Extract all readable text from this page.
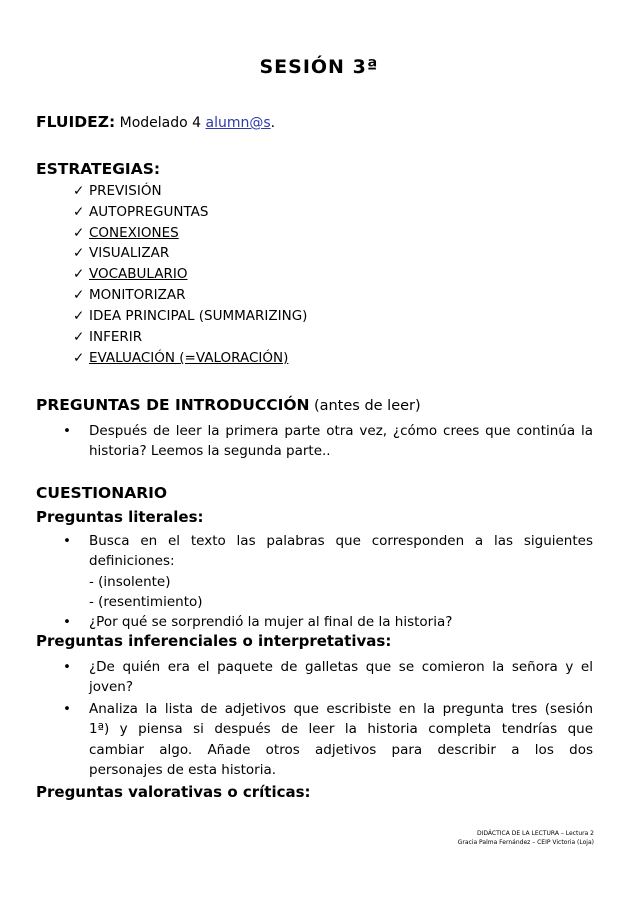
SESIÓN 3ª
FLUIDEZ: Modelado 4 alumn@s.
ESTRATEGIAS:
✓ PREVISIÓN
✓ AUTOPREGUNTAS
✓ CONEXIONES
✓ VISUALIZAR
✓ VOCABULARIO
✓ MONITORIZAR
✓ IDEA PRINCIPAL (SUMMARIZING)
✓ INFERIR
✓ EVALUACIÓN (=VALORACIÓN)
PREGUNTAS DE INTRODUCCIÓN (antes de leer)
• Después de leer la primera parte otra vez, ¿cómo crees que continúa la
historia? Leemos la segunda parte..
CUESTIONARIO
Preguntas literales:
• Busca en el texto las palabras que corresponden a las siguientes
definiciones:
- (insolente)
- (resentimiento)
• ¿Por qué se sorprendió la mujer al final de la historia?
Preguntas inferenciales o interpretativas:
• ¿De quién era el paquete de galletas que se comieron la señora y el
joven?
• Analiza la lista de adjetivos que escribiste en la pregunta tres (sesión
1ª) y piensa si después de leer la historia completa tendrías que
cambiar algo. Añade otros adjetivos para describir a los dos
personajes de esta historia.
Preguntas valorativas o críticas:
DIDÁCTICA DE LA LECTURA – Lectura 2
Gracia Palma Fernández – CEIP Victoria (Loja)
